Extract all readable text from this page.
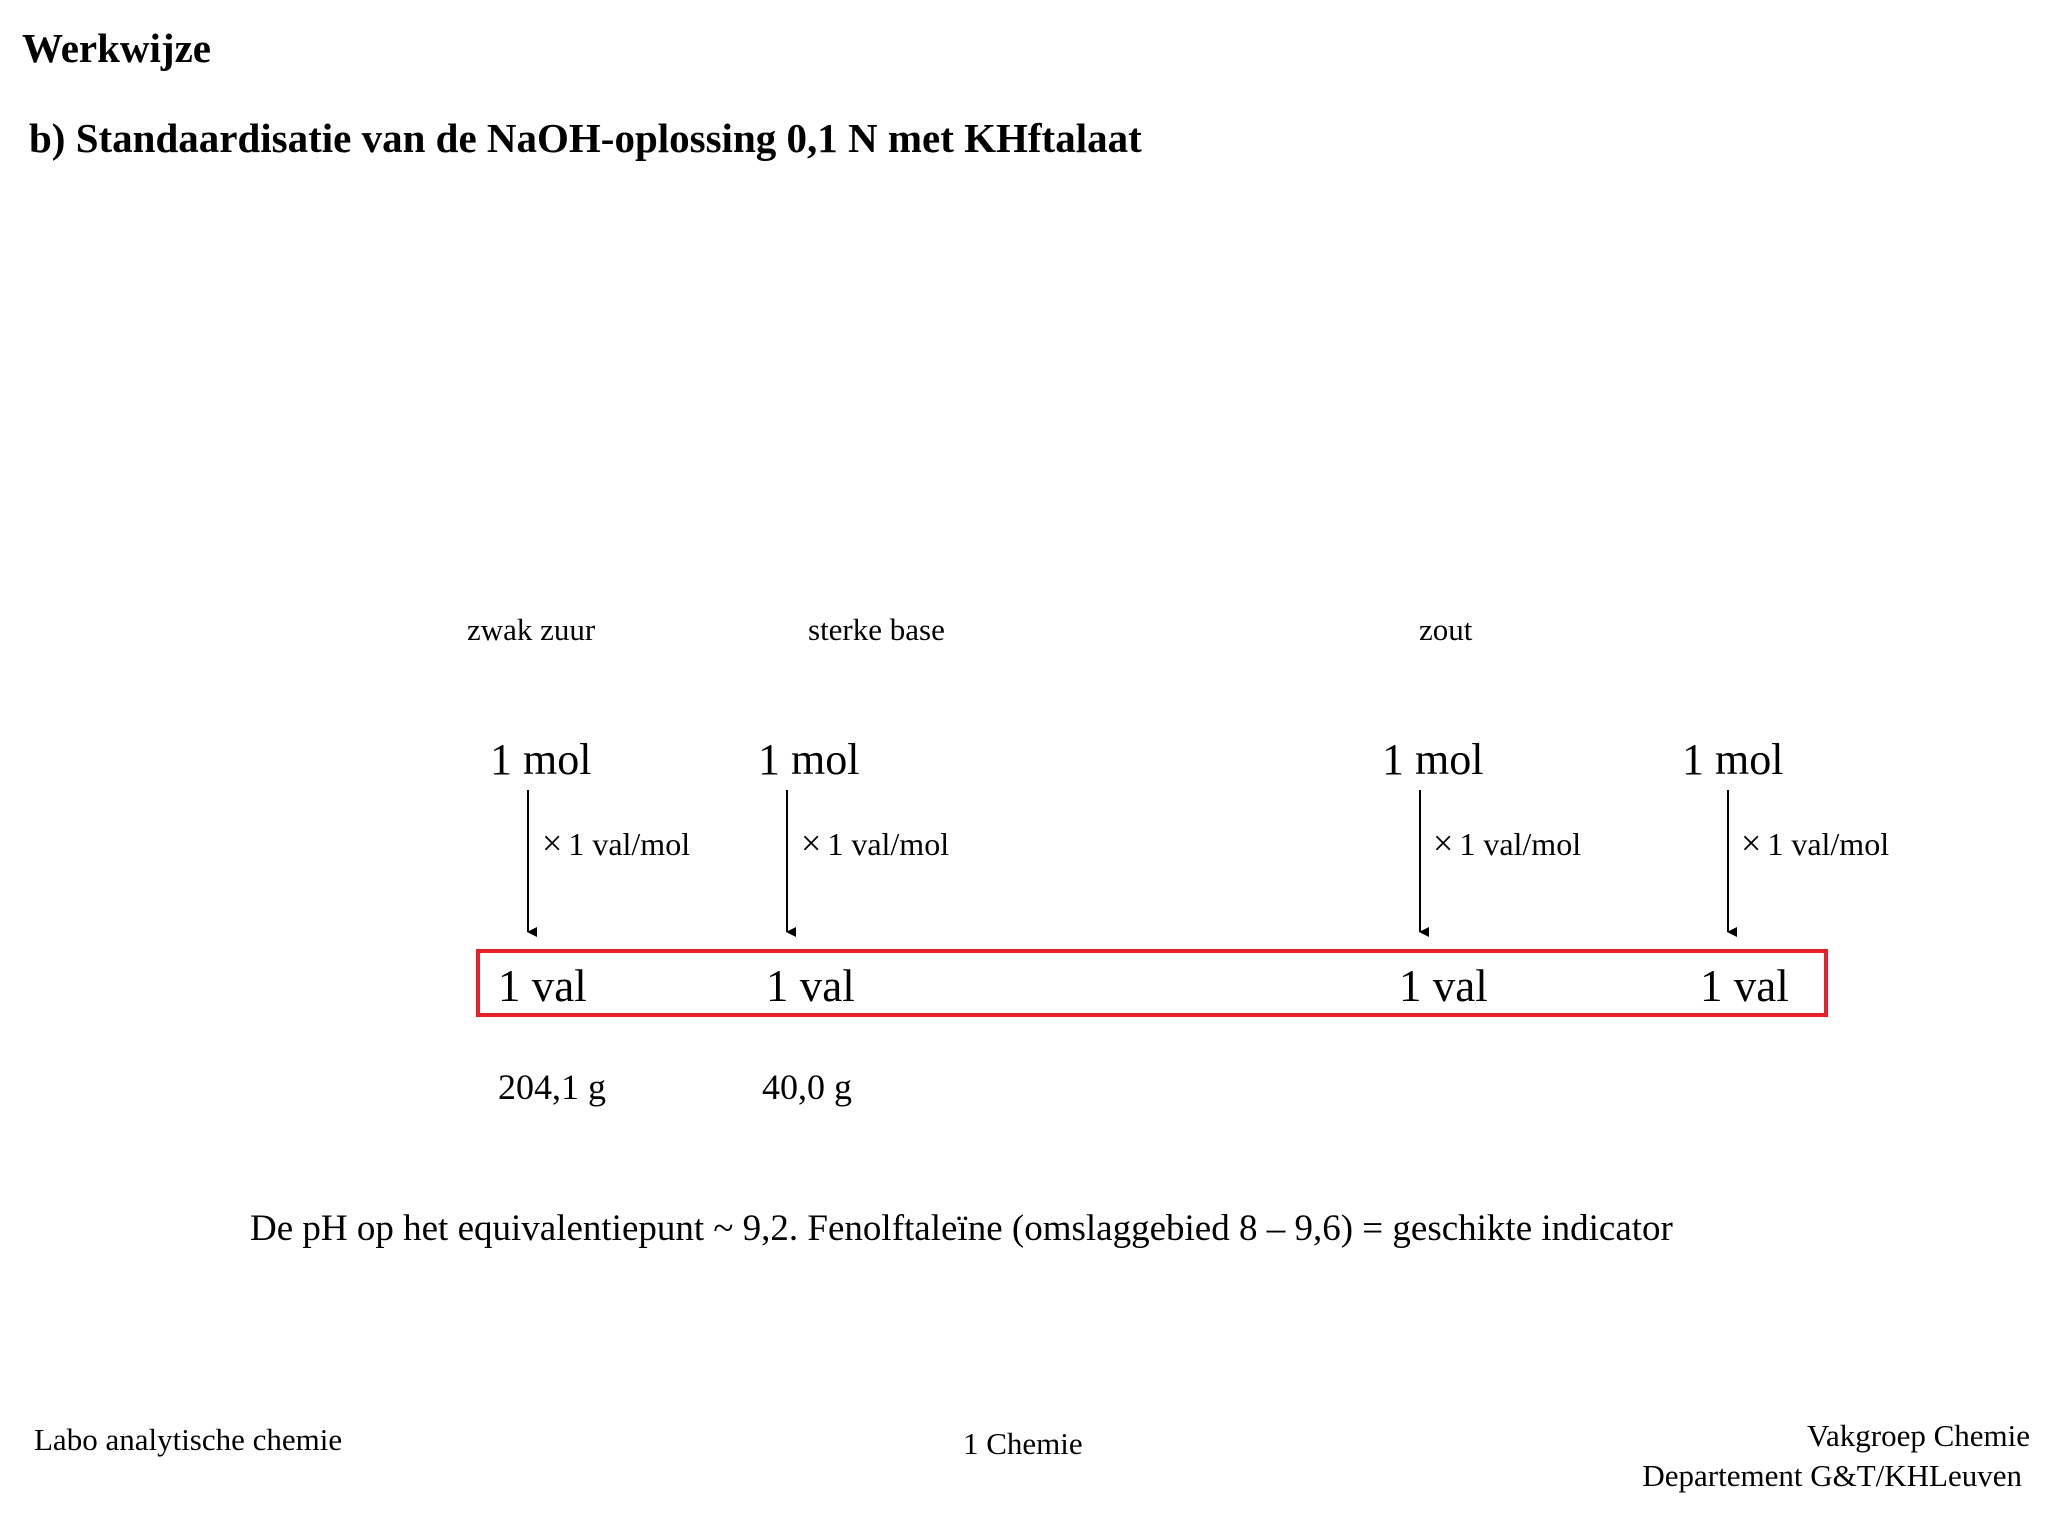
Werkwijze
b) Standaardisatie van de NaOH-oplossing 0,1 N met KHftalaat
zwak zuur	sterke base	zout
1 mol	1 mol	1 mol	1 mol
× 1 val/mol	× 1 val/mol	× 1 val/mol	× 1 val/mol
1 val	1 val	1 val	1 val
204,1 g	40,0 g
De pH op het equivalentiepunt ~ 9,2. Fenolftaleïne (omslaggebied 8 – 9,6) = geschikte indicator
Labo analytische chemie	1 Chemie	Vakgroep Chemie
Departement G&T/KHLeuven
